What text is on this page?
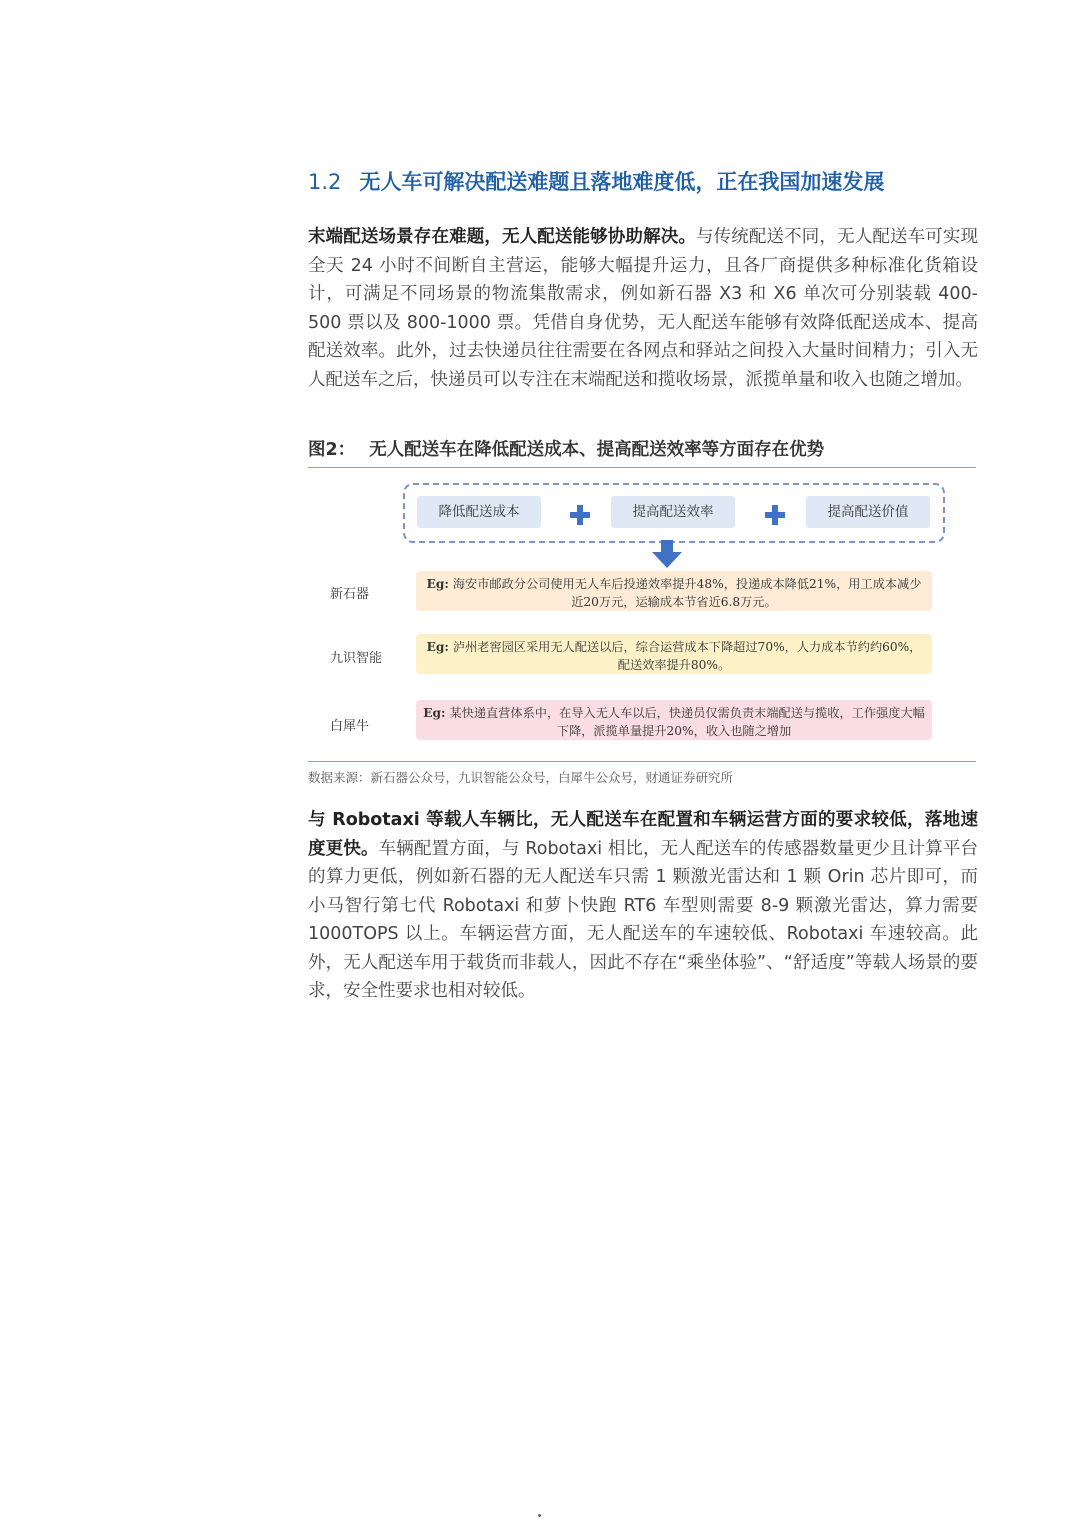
1.2 无人车可解决配送难题且落地难度低，正在我国加速发展
末端配送场景存在难题，无人配送能够协助解决。与传统配送不同，无人配送车可实现全天 24 小时不间断自主营运，能够大幅提升运力，且各厂商提供多种标准化货箱设计，可满足不同场景的物流集散需求，例如新石器 X3 和 X6 单次可分别装载 400-500 票以及 800-1000 票。凭借自身优势，无人配送车能够有效降低配送成本、提高配送效率。此外，过去快递员往往需要在各网点和驿站之间投入大量时间精力；引入无人配送车之后，快递员可以专注在末端配送和揽收场景，派揽单量和收入也随之增加。
图2： 无人配送车在降低配送成本、提高配送效率等方面存在优势
降低配送成本	提高配送效率	提高配送价值
新石器
Eg: 海安市邮政分公司使用无人车后投递效率提升48%，投递成本降低21%，用工成本减少近20万元，运输成本节省近6.8万元。
九识智能
Eg: 泸州老窖园区采用无人配送以后，综合运营成本下降超过70%，人力成本节约约60%，配送效率提升80%。
白犀牛
Eg: 某快递直营体系中，在导入无人车以后，快递员仅需负责末端配送与揽收，工作强度大幅下降，派揽单量提升20%，收入也随之增加
数据来源：新石器公众号，九识智能公众号，白犀牛公众号，财通证券研究所
与 Robotaxi 等载人车辆比，无人配送车在配置和车辆运营方面的要求较低，落地速度更快。车辆配置方面，与 Robotaxi 相比，无人配送车的传感器数量更少且计算平台的算力更低，例如新石器的无人配送车只需 1 颗激光雷达和 1 颗 Orin 芯片即可，而小马智行第七代 Robotaxi 和萝卜快跑 RT6 车型则需要 8-9 颗激光雷达，算力需要 1000TOPS 以上。车辆运营方面，无人配送车的车速较低、Robotaxi 车速较高。此外，无人配送车用于载货而非载人，因此不存在“乘坐体验”、“舒适度”等载人场景的要求，安全性要求也相对较低。
